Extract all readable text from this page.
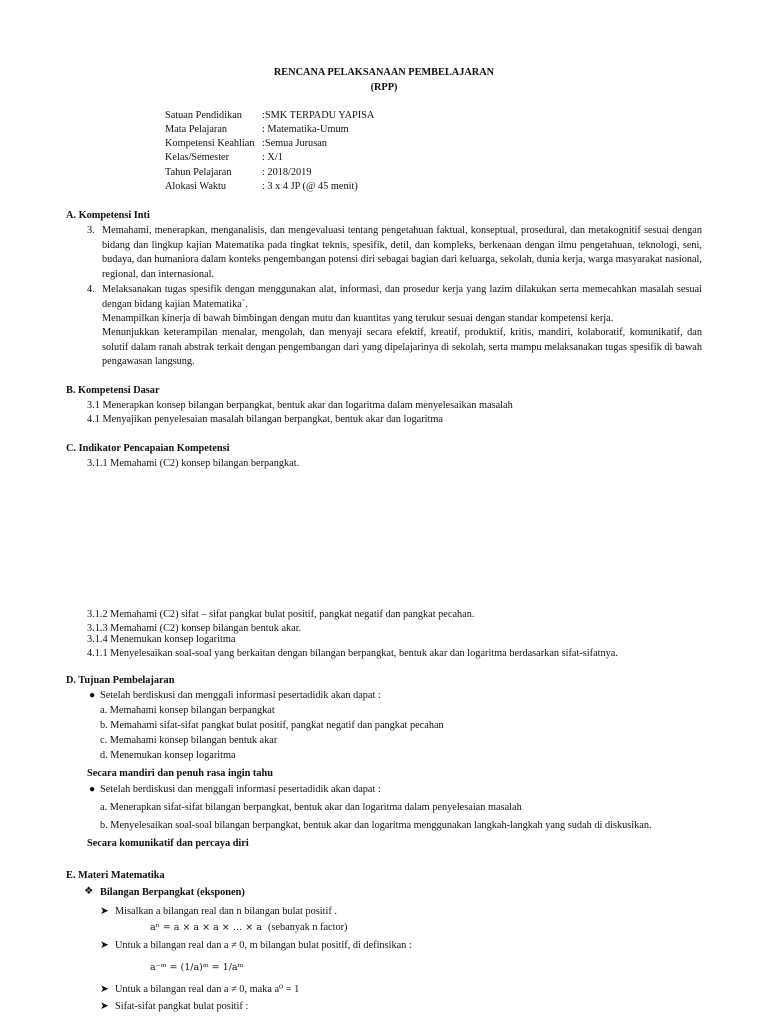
RENCANA PELAKSANAAN PEMBELAJARAN
(RPP)
Satuan Pendidikan :SMK TERPADU YAPISA
Mata Pelajaran	: Matematika-Umum
Kompetensi Keahlian :Semua Jurusan
Kelas/Semester	: X/1
Tahun Pelajaran	: 2018/2019
Alokasi Waktu	: 3 x 4 JP (@ 45 menit)
A. Kompetensi Inti
3. Memahami, menerapkan, menganalisis, dan mengevaluasi tentang pengetahuan faktual, konseptual, prosedural, dan metakognitif sesuai dengan bidang dan lingkup kajian Matematika pada tingkat teknis, spesifik, detil, dan kompleks, berkenaan dengan ilmu pengetahuan, teknologi, seni, budaya, dan humaniora dalam konteks pengembangan potensi diri sebagai bagian dari keluarga, sekolah, dunia kerja, warga masyarakat nasional, regional, dan internasional.
4. Melaksanakan tugas spesifik dengan menggunakan alat, informasi, dan prosedur kerja yang lazim dilakukan serta memecahkan masalah sesuai dengan bidang kajian Matematika`.
Menampilkan kinerja di bawah bimbingan dengan mutu dan kuantitas yang terukur sesuai dengan standar kompetensi kerja.
Menunjukkan keterampilan menalar, mengolah, dan menyaji secara efektif, kreatif, produktif, kritis, mandiri, kolaboratif, komunikatif, dan solutif dalam ranah abstrak terkait dengan pengembangan dari yang dipelajarinya di sekolah, serta mampu melaksanakan tugas spesifik di bawah pengawasan langsung.
B. Kompetensi Dasar
3.1 Menerapkan konsep bilangan berpangkat, bentuk akar dan logaritma dalam menyelesaikan masalah
4.1 Menyajikan penyelesaian masalah bilangan berpangkat, bentuk akar dan logaritma
C. Indikator Pencapaian Kompetensi
3.1.1 Memahami (C2) konsep bilangan berpangkat.
3.1.2 Memahami (C2) sifat – sifat pangkat bulat positif, pangkat negatif dan pangkat pecahan.
3.1.3 Memahami (C2) konsep bilangan bentuk akar.
3.1.4 Menemukan konsep logaritma
4.1.1 Menyelesaikan soal-soal yang berkaitan dengan bilangan berpangkat, bentuk akar dan logaritma berdasarkan sifat-sifatnya.
D. Tujuan Pembelajaran
● Setelah berdiskusi dan menggali informasi pesertadidik akan dapat :
a. Memahami konsep bilangan berpangkat
b. Memahami sifat-sifat pangkat bulat positif, pangkat negatif dan pangkat pecahan
c. Memahami konsep bilangan bentuk akar
d. Menemukan konsep logaritma
Secara mandiri dan penuh rasa ingin tahu
● Setelah berdiskusi dan menggali informasi pesertadidik akan dapat :
a. Menerapkan sifat-sifat bilangan berpangkat, bentuk akar dan logaritma dalam penyelesaian masalah
b. Menyelesaikan soal-soal bilangan berpangkat, bentuk akar dan logaritma menggunakan langkah-langkah yang sudah di diskusikan.
Secara komunikatif dan percaya diri
E. Materi Matematika
❖ Bilangan Berpangkat (eksponen)
➤ Misalkan a bilangan real dan n bilangan bulat positif .
aⁿ = a × a × a × … × a (sebanyak n factor)
➤ Untuk a bilangan real dan a ≠ 0, m bilangan bulat positif, di definsikan :
a⁻ᵐ = (1/a)ᵐ = 1/aᵐ
➤ Untuk a bilangan real dan a ≠ 0, maka a⁰ = 1
➤ Sifat-sifat pangkat bulat positif :
